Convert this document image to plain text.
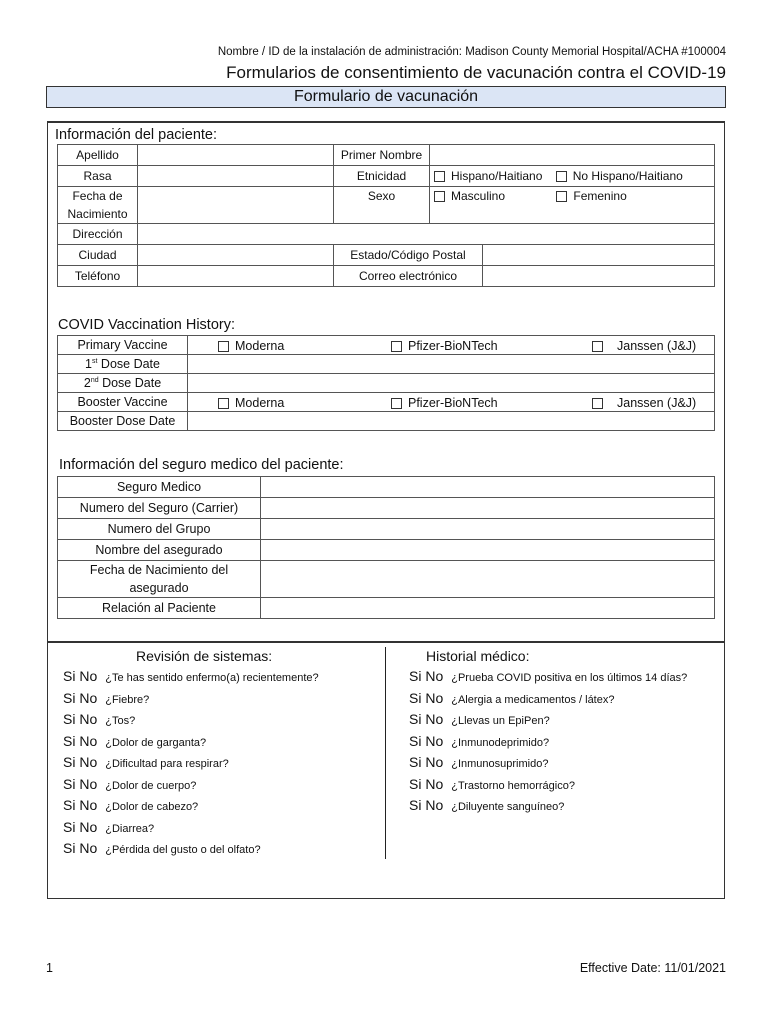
Nombre / ID de la instalación de administración: Madison County Memorial Hospital/ACHA #100004
Formularios de consentimiento de vacunación contra el COVID-19
Formulario de vacunación
Información del paciente:
Apellido		Primer Nombre		
Rasa		Etnicidad	Hispano/Haitiano No Hispano/Haitiano	
Fecha de
Nacimiento		Sexo	Masculino Femenino	
Dirección				
Ciudad		Estado/Código Postal		
Teléfono		Correo electrónico		
COVID Vaccination History:
Primary Vaccine	Moderna Pfizer-BioNTech Janssen (J&J)

1st Dose Date	
2nd Dose Date	
Booster Vaccine	Moderna Pfizer-BioNTech Janssen (J&J)

Booster Dose Date	
Información del seguro medico del paciente:
Seguro Medico	
Numero del Seguro (Carrier)	
Numero del Grupo	
Nombre del asegurado	
Fecha de Nacimiento del
asegurado	
Relación al Paciente	
Revisión de sistemas:
Si No ¿Te has sentido enfermo(a) recientemente?
Si No ¿Fiebre?
Si No ¿Tos?
Si No ¿Dolor de garganta?
Si No ¿Dificultad para respirar?
Si No ¿Dolor de cuerpo?
Si No ¿Dolor de cabezo?
Si No ¿Diarrea?
Si No ¿Pérdida del gusto o del olfato?
Historial médico:
Si No ¿Prueba COVID positiva en los últimos 14 días?
Si No ¿Alergia a medicamentos / látex?
Si No ¿Llevas un EpiPen?
Si No ¿Inmunodeprimido?
Si No ¿Inmunosuprimido?
Si No ¿Trastorno hemorrágico?
Si No ¿Diluyente sanguíneo?
1	Effective Date: 11/01/2021
